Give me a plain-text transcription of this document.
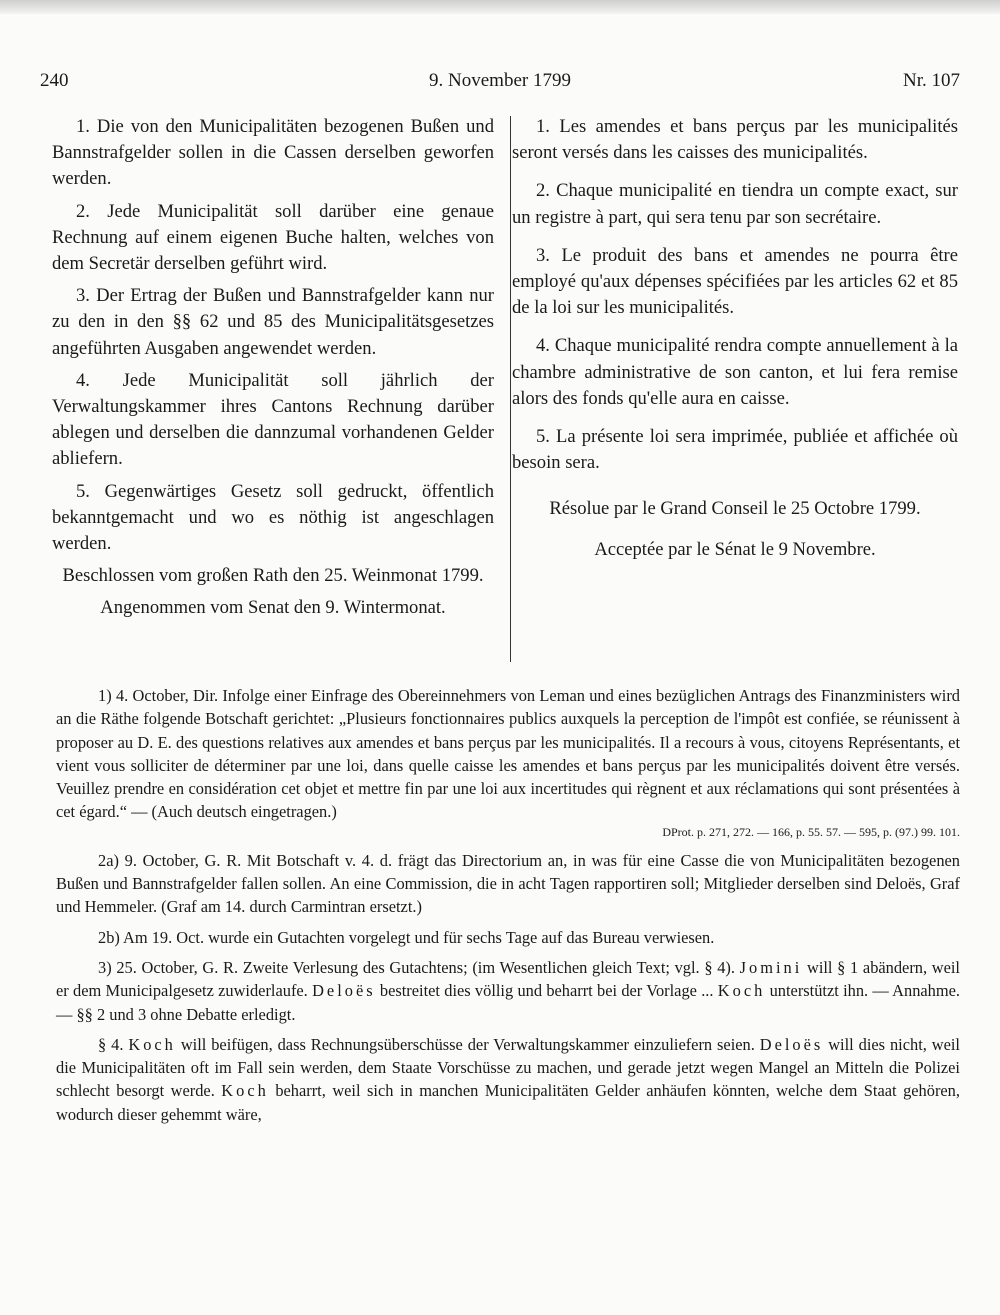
240	9. November 1799	Nr. 107

1. Die von den Municipalitäten bezogenen Bußen und Bannstrafgelder sollen in die Cassen derselben geworfen werden.

2. Jede Municipalität soll darüber eine genaue Rechnung auf einem eigenen Buche halten, welches von dem Secretär derselben geführt wird.

3. Der Ertrag der Bußen und Bannstrafgelder kann nur zu den in den §§ 62 und 85 des Municipalitätsgesetzes angeführten Ausgaben angewendet werden.

4. Jede Municipalität soll jährlich der Verwaltungskammer ihres Cantons Rechnung darüber ablegen und derselben die dannzumal vorhandenen Gelder abliefern.

5. Gegenwärtiges Gesetz soll gedruckt, öffentlich bekanntgemacht und wo es nöthig ist angeschlagen werden.

Beschlossen vom großen Rath den 25. Weinmonat 1799.

Angenommen vom Senat den 9. Wintermonat.

1. Les amendes et bans perçus par les municipalités seront versés dans les caisses des municipalités.

2. Chaque municipalité en tiendra un compte exact, sur un registre à part, qui sera tenu par son secrétaire.

3. Le produit des bans et amendes ne pourra être employé qu'aux dépenses spécifiées par les articles 62 et 85 de la loi sur les municipalités.

4. Chaque municipalité rendra compte annuellement à la chambre administrative de son canton, et lui fera remise alors des fonds qu'elle aura en caisse.

5. La présente loi sera imprimée, publiée et affichée où besoin sera.

Résolue par le Grand Conseil le 25 Octobre 1799.

Acceptée par le Sénat le 9 Novembre.

1) 4. October, Dir. Infolge einer Einfrage des Obereinnehmers von Leman und eines bezüglichen Antrags des Finanzministers wird an die Räthe folgende Botschaft gerichtet: „Plusieurs fonctionnaires publics auxquels la perception de l'impôt est confiée, se réunissent à proposer au D. E. des questions relatives aux amendes et bans perçus par les municipalités. Il a recours à vous, citoyens Représentants, et vient vous solliciter de déterminer par une loi, dans quelle caisse les amendes et bans perçus par les municipalités doivent être versés. Veuillez prendre en considération cet objet et mettre fin par une loi aux incertitudes qui règnent et aux réclamations qui sont présentées à cet égard.“ — (Auch deutsch eingetragen.)

DProt. p. 271, 272. — 166, p. 55. 57. — 595, p. (97.) 99. 101.

2a) 9. October, G. R. Mit Botschaft v. 4. d. frägt das Directorium an, in was für eine Casse die von Municipalitäten bezogenen Bußen und Bannstrafgelder fallen sollen. An eine Commission, die in acht Tagen rapportiren soll; Mitglieder derselben sind Deloës, Graf und Hemmeler. (Graf am 14. durch Carmintran ersetzt.)

2b) Am 19. Oct. wurde ein Gutachten vorgelegt und für sechs Tage auf das Bureau verwiesen.

3) 25. October, G. R. Zweite Verlesung des Gutachtens; (im Wesentlichen gleich Text; vgl. § 4). Jomini will § 1 abändern, weil er dem Municipalgesetz zuwiderlaufe. Deloës bestreitet dies völlig und beharrt bei der Vorlage ... Koch unterstützt ihn. — Annahme. — §§ 2 und 3 ohne Debatte erledigt.

§ 4. Koch will beifügen, dass Rechnungsüberschüsse der Verwaltungskammer einzuliefern seien. Deloës will dies nicht, weil die Municipalitäten oft im Fall sein werden, dem Staate Vorschüsse zu machen, und gerade jetzt wegen Mangel an Mitteln die Polizei schlecht besorgt werde. Koch beharrt, weil sich in manchen Municipalitäten Gelder anhäufen könnten, welche dem Staat gehören, wodurch dieser gehemmt wäre,
